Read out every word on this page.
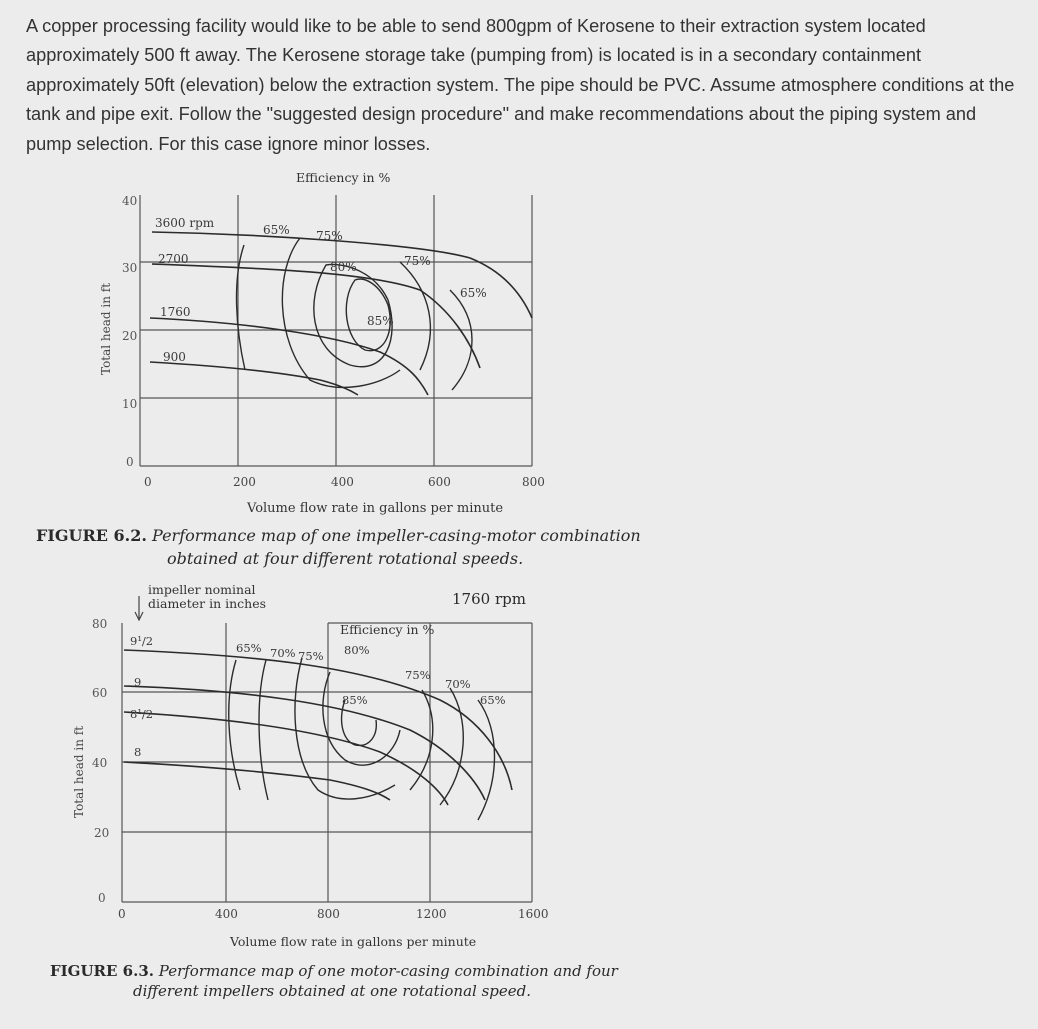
A copper processing facility would like to be able to send 800gpm of Kerosene to their extraction system located approximately 500 ft away. The Kerosene storage take (pumping from) is located is in a secondary containment approximately 50ft (elevation) below the extraction system. The pipe should be PVC. Assume atmosphere conditions at the tank and pipe exit. Follow the "suggested design procedure" and make recommendations about the piping system and pump selection. For this case ignore minor losses.
40
30
20
10
0
0	200	400	600	800
Total head in ft
Volume flow rate in gallons per minute
Efficiency in %
3600 rpm
2700
1760
900
65% 75%
80%
85%
75%
65%
80
60
40
20
0
0	400	800	1200	1600
Total head in ft
Volume flow rate in gallons per minute
Efficiency in %
1760 rpm
impeller nominal
diameter in inches
9¹/2
9
8¹/2
8
65% 70% 75% 80%
85%
75%
70%
65%
FIGURE 6.2. Performance map of one impeller-casing-motor combination
obtained at four different rotational speeds.
FIGURE 6.3. Performance map of one motor-casing combination and four
different impellers obtained at one rotational speed.
